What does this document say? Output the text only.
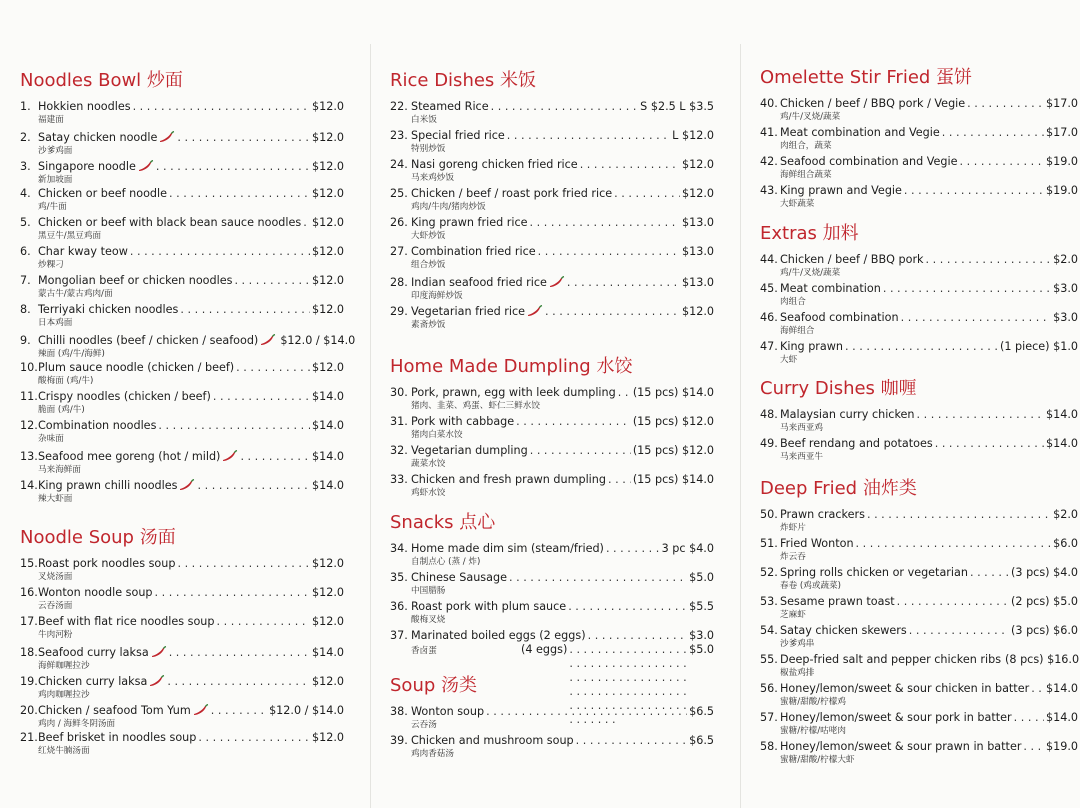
Noodles Bowl 炒面
1. Hokkien noodles . . .	$12.0
福建面
2. Satay chicken noodle . . .	$12.0
沙爹鸡面
3. Singapore noodle . . .	$12.0
新加坡面
4. Chicken or beef noodle . . .	$12.0
鸡/牛面
5. Chicken or beef with black bean sauce noodles . . . $12.0
黑豆牛/黑豆鸡面
6. Char kway teow . . .	$12.0
炒粿刁
7. Mongolian beef or chicken noodles . . .	$12.0
蒙古牛/蒙古鸡肉/面
8. Terriyaki chicken noodles . . .	$12.0
日本鸡面
9. Chilli noodles (beef / chicken / seafood) $12.0 / $14.0
辣面 (鸡/牛/海鲜)
10. Plum sauce noodle (chicken / beef) . . .	$12.0
酸梅面 (鸡/牛)
11. Crispy noodles (chicken / beef) . . .	$14.0
脆面 (鸡/牛)
12. Combination noodles . . .	$14.0
杂味面
13. Seafood mee goreng (hot / mild) . . .	$14.0
马来海鲜面
14. King prawn chilli noodles . . .	$14.0
辣大虾面
Noodle Soup 汤面
15. Roast pork noodles soup . . .	$12.0
叉烧汤面
16. Wonton noodle soup . . .	$12.0
云吞汤面
17. Beef with flat rice noodles soup . . .	$12.0
牛肉河粉
18. Seafood curry laksa . . .	$14.0
海鲜咖喱拉沙
19. Chicken curry laksa . . .	$12.0
鸡肉咖喱拉沙
20. Chicken / seafood Tom Yum . . .	$12.0 / $14.0
鸡肉 / 海鲜冬阴汤面
21. Beef brisket in noodles soup . . .	$12.0
红烧牛腩汤面
Rice Dishes 米饭
22. Steamed Rice . . .	S $2.5 L $3.5
白米饭
23. Special fried rice . . .	L $12.0
特别炒饭
24. Nasi goreng chicken fried rice . . .	$12.0
马来鸡炒饭
25. Chicken / beef / roast pork fried rice . . .	$12.0
鸡肉/牛肉/猪肉炒饭
26. King prawn fried rice . . .	$13.0
大虾炒饭
27. Combination fried rice . . .	$13.0
组合炒饭
28. Indian seafood fried rice . . .	$13.0
印度海鲜炒饭
29. Vegetarian fried rice . . .	$12.0
素斋炒饭
Home Made Dumpling 水饺
30. Pork, prawn, egg with leek dumpling . . . (15 pcs) $14.0
猪肉、韭菜、鸡蛋、虾仁三鲜水饺
31. Pork with cabbage . . .	(15 pcs) $12.0
猪肉白菜水饺
32. Vegetarian dumpling . . .	(15 pcs) $12.0
蔬菜水饺
33. Chicken and fresh prawn dumpling . . . (15 pcs) $14.0
鸡虾水饺
Snacks 点心
34. Home made dim sim (steam/fried) . . .	3 pc $4.0
自制点心 (蒸 / 炸)
35. Chinese Sausage . . .	$5.0
中国腊肠
36. Roast pork with plum sauce . . .	$5.5
酸梅叉烧
37. Marinated boiled eggs (2 eggs) . . .	$3.0
香卤蛋	(4 eggs) . . .	$5.0
Soup 汤类
38. Wonton soup . . .	$6.5
云吞汤
39. Chicken and mushroom soup . . .	$6.5
鸡肉香菇汤
Omelette Stir Fried 蛋饼
40. Chicken / beef / BBQ pork / Vegie . . .	$17.0
鸡/牛/叉烧/蔬菜
41. Meat combination and Vegie . . .	$17.0
肉组合，蔬菜
42. Seafood combination and Vegie . . .	$19.0
海鲜组合蔬菜
43. King prawn and Vegie . . .	$19.0
大虾蔬菜
Extras 加料
44. Chicken / beef / BBQ pork . . .	$2.0
鸡/牛/叉烧/蔬菜
45. Meat combination . . .	$3.0
肉组合
46. Seafood combination . . .	$3.0
海鲜组合
47. King prawn . . .	(1 piece) $1.0
大虾
Curry Dishes 咖喱
48. Malaysian curry chicken . . .	$14.0
马来西亚鸡
49. Beef rendang and potatoes . . .	$14.0
马来西亚牛
Deep Fried 油炸类
50. Prawn crackers . . .	$2.0
炸虾片
51. Fried Wonton . . .	$6.0
炸云吞
52. Spring rolls chicken or vegetarian . . .	(3 pcs) $4.0
春卷 (鸡或蔬菜)
53. Sesame prawn toast . . .	(2 pcs) $5.0
芝麻虾
54. Satay chicken skewers . . .	(3 pcs) $6.0
沙爹鸡串
55. Deep-fried salt and pepper chicken ribs (8 pcs) $16.0
椒盐鸡排
56. Honey/lemon/sweet & sour chicken in batter . . . $14.0
蜜糖/甜酸/柠檬鸡
57. Honey/lemon/sweet & sour pork in batter . . .	$14.0
蜜糖/柠檬/咕咾肉
58. Honey/lemon/sweet & sour prawn in batter . . . $19.0
蜜糖/甜酸/柠檬大虾
